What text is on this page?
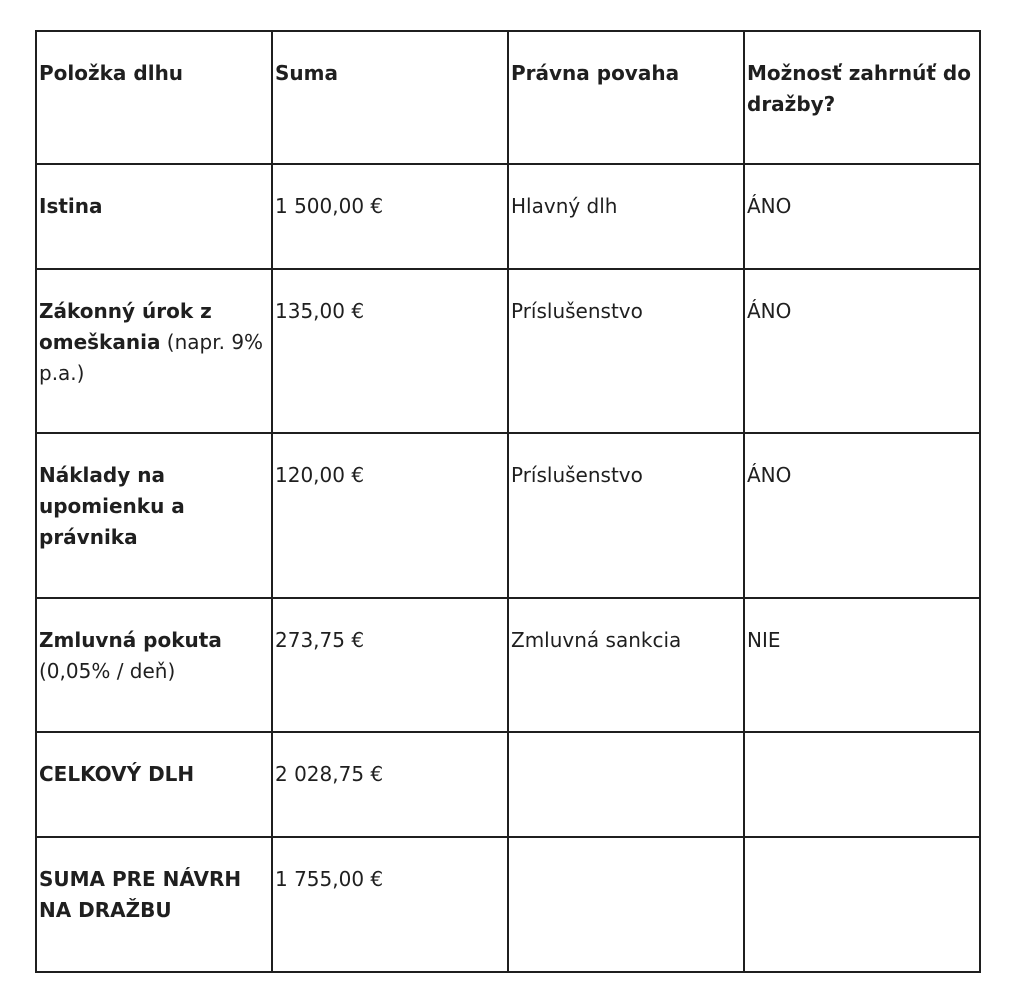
Položka dlhu	Suma	Právna povaha	Možnosť zahrnúť do dražby?
Istina	1 500,00 €	Hlavný dlh	ÁNO
Zákonný úrok z omeškania (napr. 9% p.a.)	135,00 €	Príslušenstvo	ÁNO
Náklady na upomienku a právnika	120,00 €	Príslušenstvo	ÁNO
Zmluvná pokuta (0,05% / deň)	273,75 €	Zmluvná sankcia	NIE
CELKOVÝ DLH	2 028,75 €		
SUMA PRE NÁVRH NA DRAŽBU	1 755,00 €		
